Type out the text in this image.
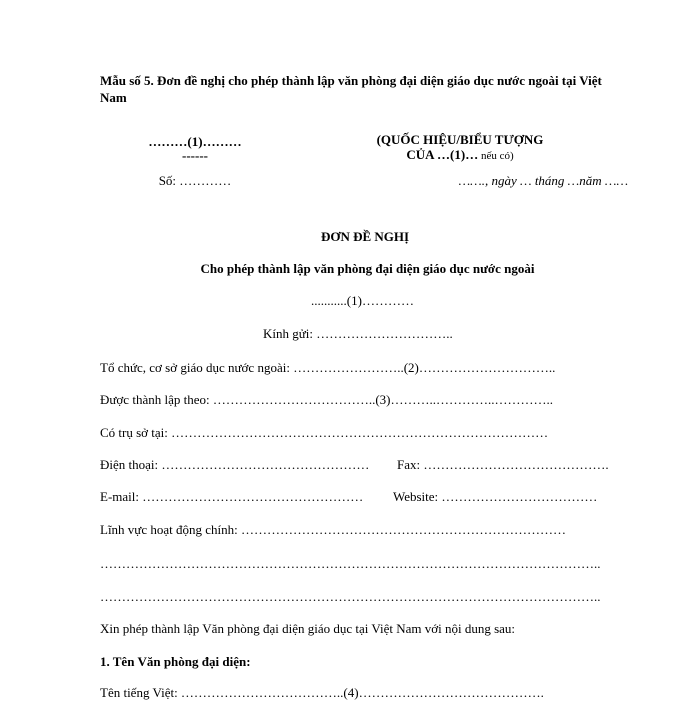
Mẫu số 5. Đơn đề nghị cho phép thành lập văn phòng đại diện giáo dục nước ngoài tại Việt Nam
………(1)………
------
Số: …………
(QUỐC HIỆU/BIỂU TƯỢNG
CỦA …(1)… nếu có)
……., ngày … tháng …năm ……
ĐƠN ĐỀ NGHỊ
Cho phép thành lập văn phòng đại diện giáo dục nước ngoài
...........(1)…………
Kính gửi: …………………………..
Tổ chức, cơ sở giáo dục nước ngoài: ……………………..(2)…………………………..
Được thành lập theo: ………………………………..(3)………..…………..…………..
Có trụ sở tại: ……………………………………………………………………………
Điện thoại: ………………………………………… Fax: …………………………………….
E-mail: …………………………………………… Website: ………………………………
Lĩnh vực hoạt động chính: …………………………………………………………………
……………………………………………………………………………………………………..
……………………………………………………………………………………………………..
Xin phép thành lập Văn phòng đại diện giáo dục tại Việt Nam với nội dung sau:
1. Tên Văn phòng đại diện:
Tên tiếng Việt: ………………………………..(4)…………………………………….
